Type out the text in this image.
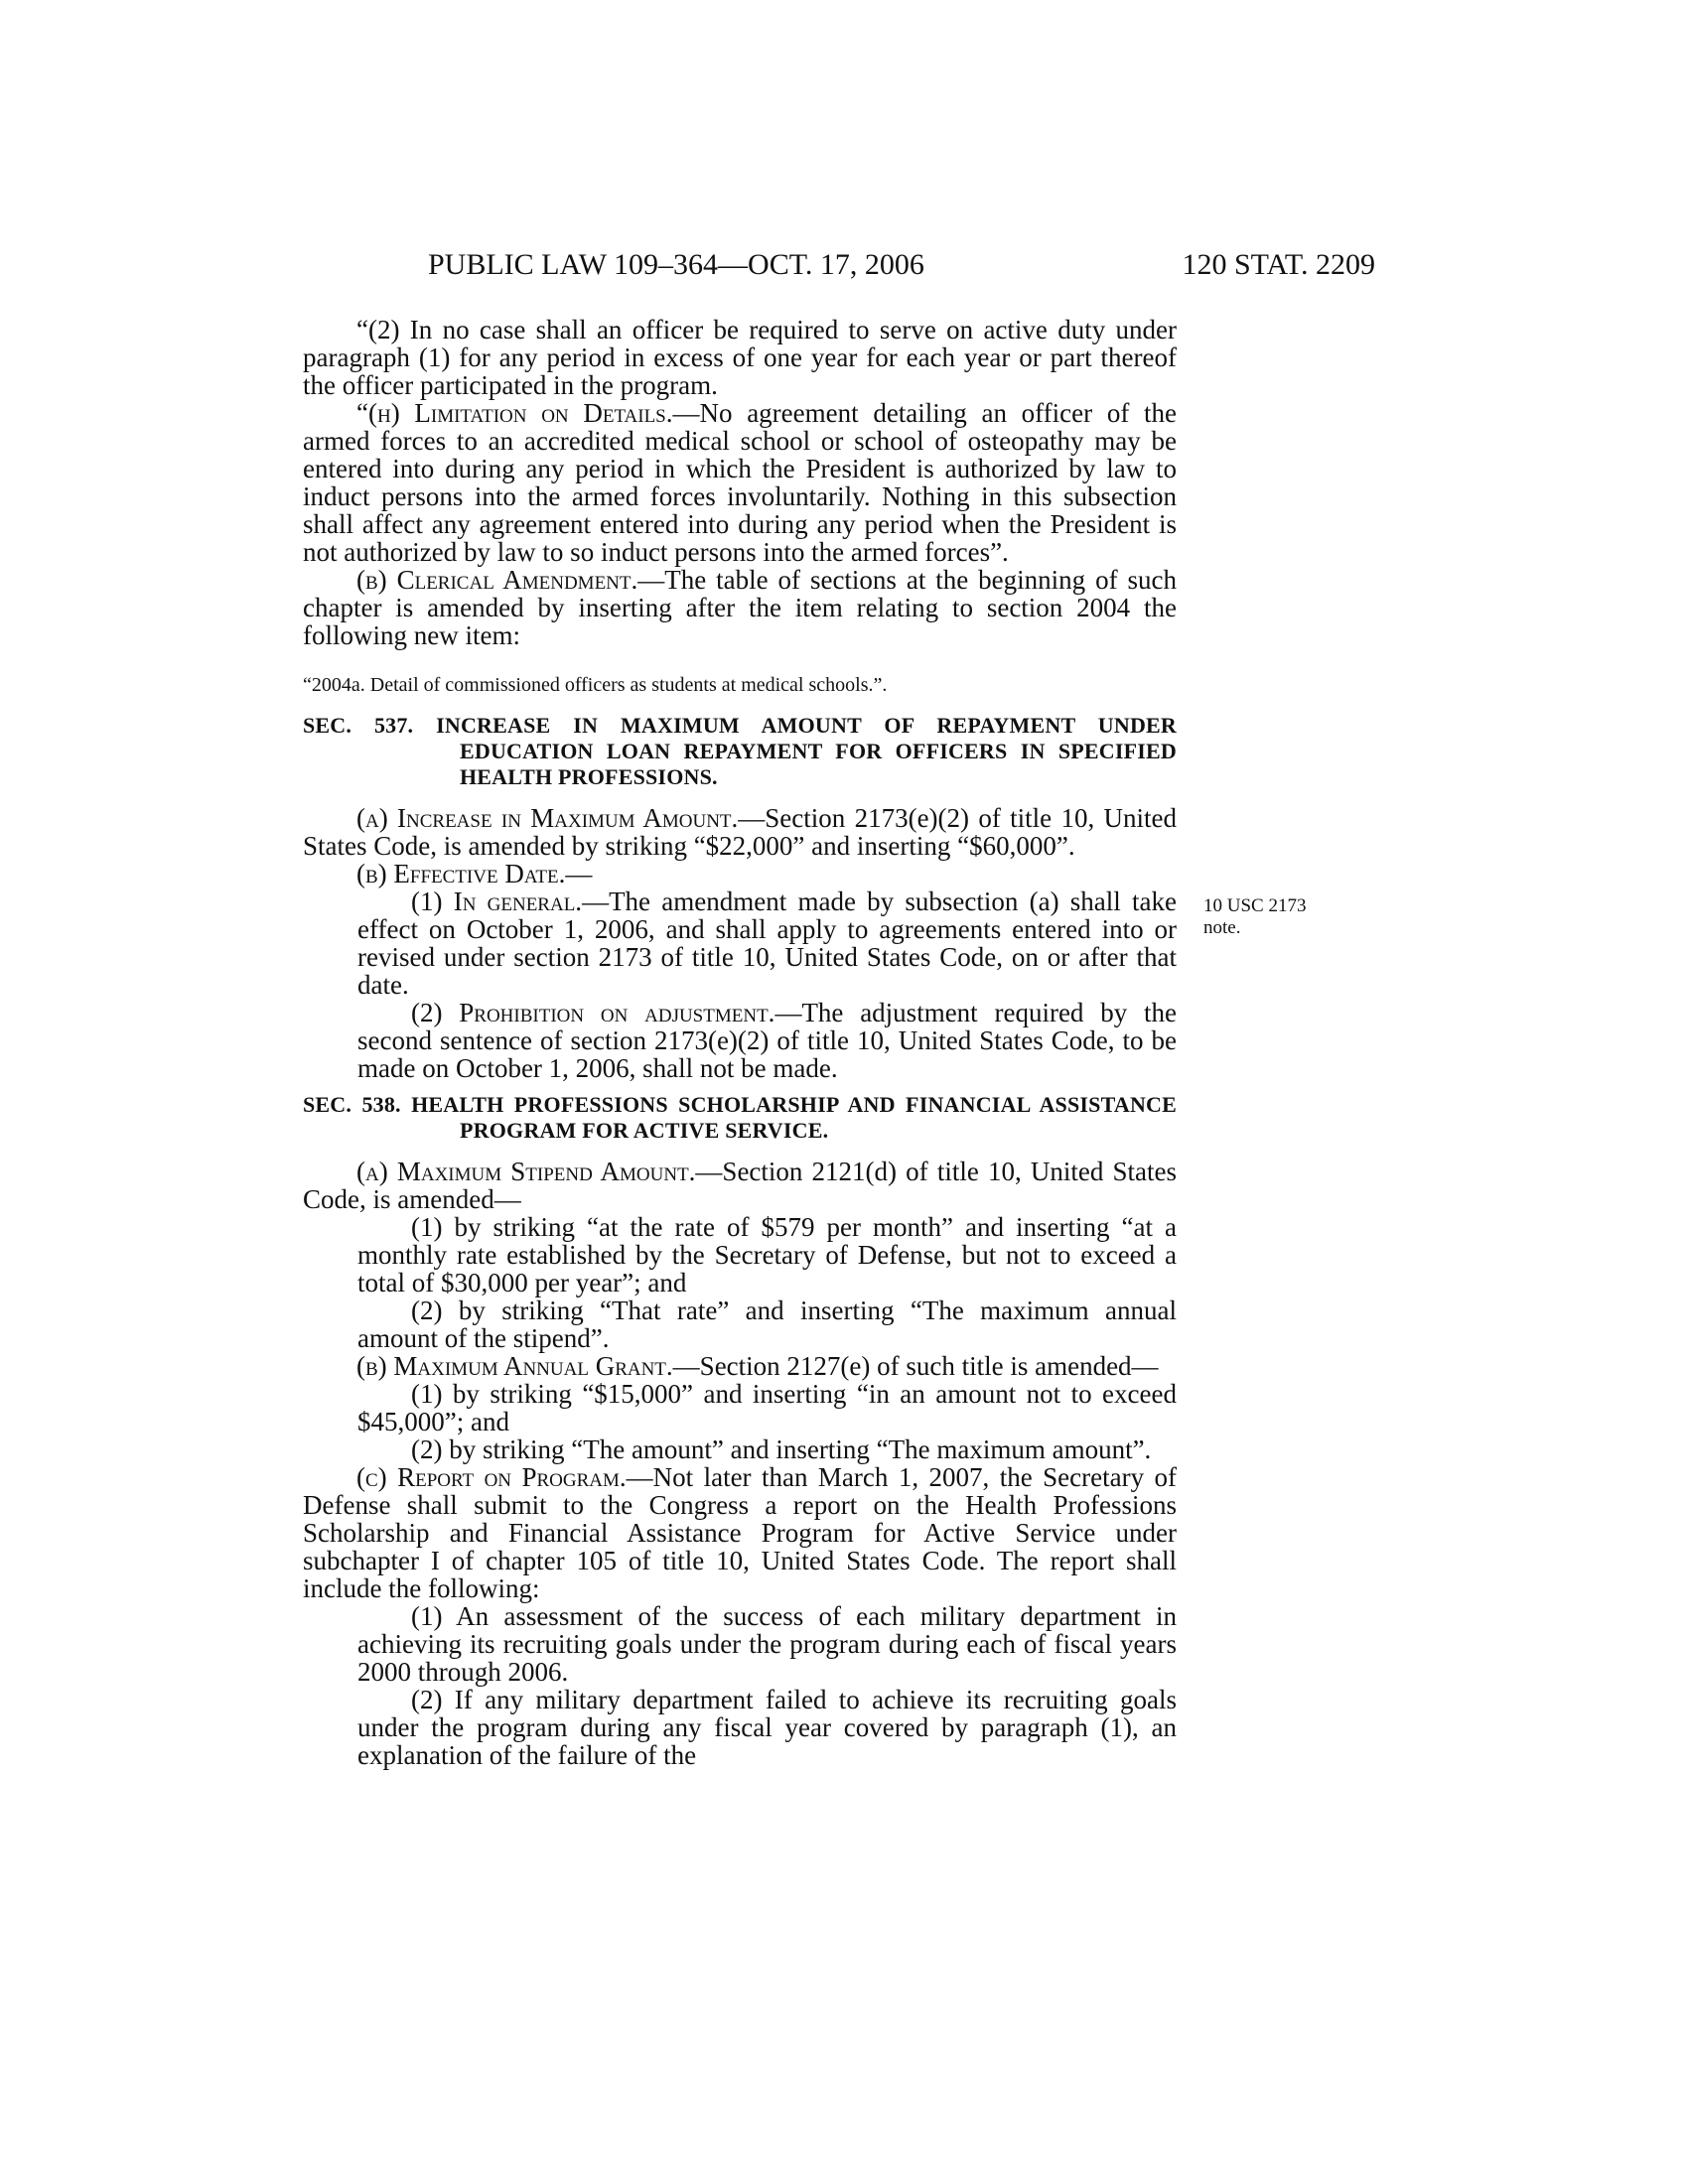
PUBLIC LAW 109–364—OCT. 17, 2006	120 STAT. 2209
10 USC 2173
note.

“(2) In no case shall an officer be required to serve on active duty under paragraph (1) for any period in excess of one year for each year or part thereof the officer participated in the program.

“(h) Limitation on Details.—No agreement detailing an officer of the armed forces to an accredited medical school or school of osteopathy may be entered into during any period in which the President is authorized by law to induct persons into the armed forces involuntarily. Nothing in this subsection shall affect any agreement entered into during any period when the President is not authorized by law to so induct persons into the armed forces”.

(b) Clerical Amendment.—The table of sections at the beginning of such chapter is amended by inserting after the item relating to section 2004 the following new item:

“2004a. Detail of commissioned officers as students at medical schools.”.

SEC. 537. INCREASE IN MAXIMUM AMOUNT OF REPAYMENT UNDER EDUCATION LOAN REPAYMENT FOR OFFICERS IN SPECIFIED HEALTH PROFESSIONS.

(a) Increase in Maximum Amount.—Section 2173(e)(2) of title 10, United States Code, is amended by striking “$22,000” and inserting “$60,000”.

(b) Effective Date.—

(1) In general.—The amendment made by subsection (a) shall take effect on October 1, 2006, and shall apply to agreements entered into or revised under section 2173 of title 10, United States Code, on or after that date.

(2) Prohibition on adjustment.—The adjustment required by the second sentence of section 2173(e)(2) of title 10, United States Code, to be made on October 1, 2006, shall not be made.

SEC. 538. HEALTH PROFESSIONS SCHOLARSHIP AND FINANCIAL ASSISTANCE PROGRAM FOR ACTIVE SERVICE.

(a) Maximum Stipend Amount.—Section 2121(d) of title 10, United States Code, is amended—

(1) by striking “at the rate of $579 per month” and inserting “at a monthly rate established by the Secretary of Defense, but not to exceed a total of $30,000 per year”; and

(2) by striking “That rate” and inserting “The maximum annual amount of the stipend”.

(b) Maximum Annual Grant.—Section 2127(e) of such title is amended—

(1) by striking “$15,000” and inserting “in an amount not to exceed $45,000”; and

(2) by striking “The amount” and inserting “The maximum amount”.

(c) Report on Program.—Not later than March 1, 2007, the Secretary of Defense shall submit to the Congress a report on the Health Professions Scholarship and Financial Assistance Program for Active Service under subchapter I of chapter 105 of title 10, United States Code. The report shall include the following:

(1) An assessment of the success of each military department in achieving its recruiting goals under the program during each of fiscal years 2000 through 2006.

(2) If any military department failed to achieve its recruiting goals under the program during any fiscal year covered by paragraph (1), an explanation of the failure of the
